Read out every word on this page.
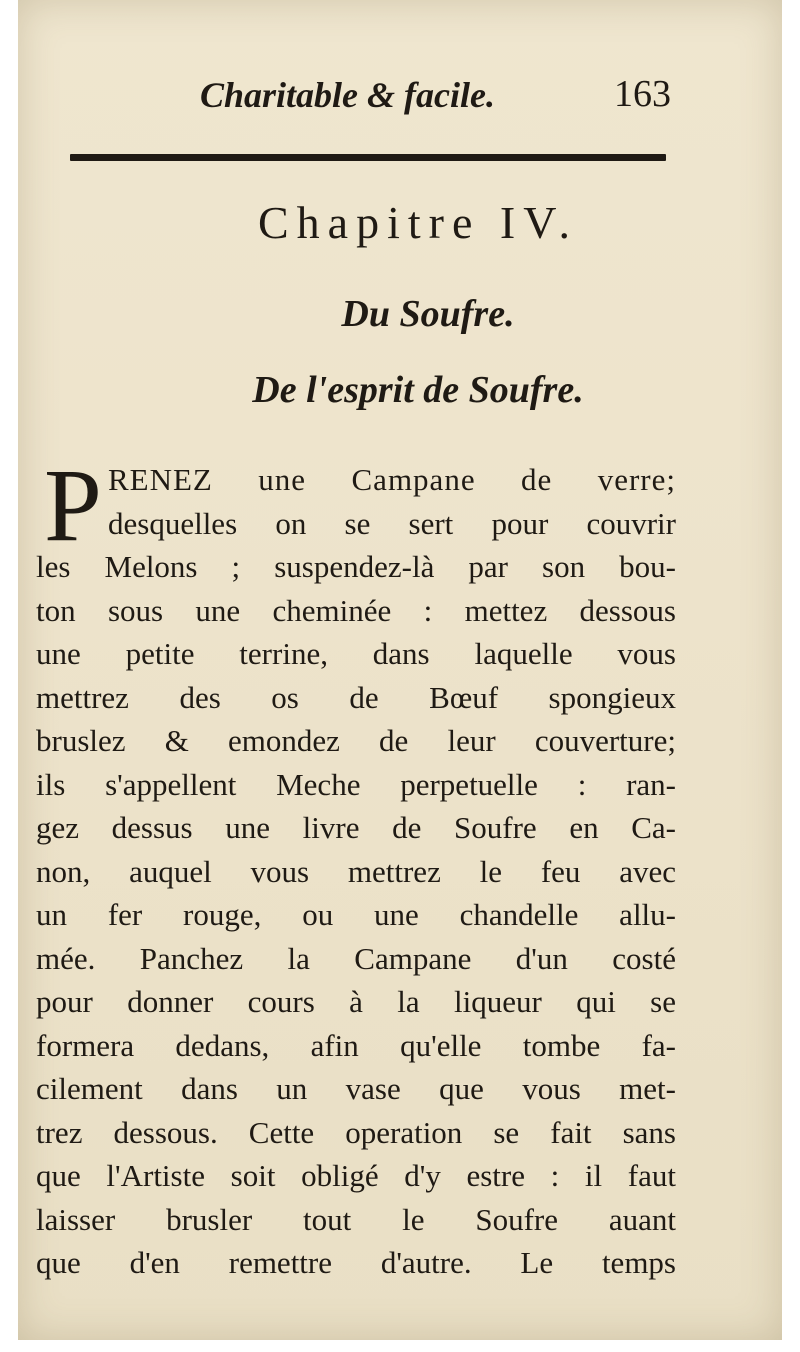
Charitable & facile.	163
Chapitre IV.
Du Soufre.
De l'esprit de Soufre.
P RENEZ une Campane de verre;
desquelles on se sert pour couvrir
les Melons ; suspendez-là par son bou-
ton sous une cheminée : mettez dessous
une petite terrine, dans laquelle vous
mettrez des os de Bœuf spongieux
bruslez & emondez de leur couverture;
ils s'appellent Meche perpetuelle : ran-
gez dessus une livre de Soufre en Ca-
non, auquel vous mettrez le feu avec
un fer rouge, ou une chandelle allu-
mée. Panchez la Campane d'un costé
pour donner cours à la liqueur qui se
formera dedans, afin qu'elle tombe fa-
cilement dans un vase que vous met-
trez dessous. Cette operation se fait sans
que l'Artiste soit obligé d'y estre : il faut
laisser brusler tout le Soufre auant
que d'en remettre d'autre. Le temps
